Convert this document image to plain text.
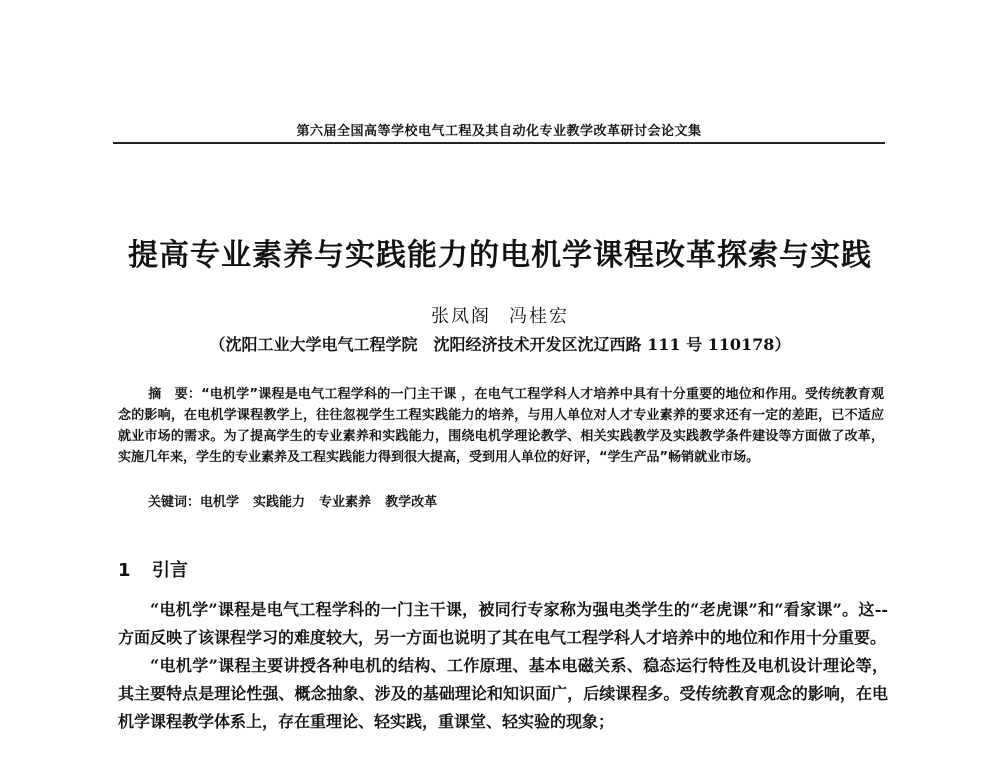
第六届全国高等学校电气工程及其自动化专业教学改革研讨会论文集
提高专业素养与实践能力的电机学课程改革探索与实践
张凤阁 冯桂宏
（沈阳工业大学电气工程学院　沈阳经济技术开发区沈辽西路 111 号 110178）
摘　要：“电机学”课程是电气工程学科的一门主干课 ，在电气工程学科人才培养中具有十分重要的地位和作用。受传统教育观念的影响，在电机学课程教学上，往往忽视学生工程实践能力的培养，与用人单位对人才专业素养的要求还有一定的差距，已不适应就业市场的需求。为了提高学生的专业素养和实践能力，围绕电机学理论教学、相关实践教学及实践教学条件建设等方面做了改革，实施几年来，学生的专业素养及工程实践能力得到很大提高，受到用人单位的好评，“学生产品”畅销就业市场。
关键词：电机学 实践能力 专业素养 教学改革
1 引言

“电机学”课程是电气工程学科的一门主干课，被同行专家称为强电类学生的“老虎课”和“看家课”。这--方面反映了该课程学习的难度较大，另一方面也说明了其在电气工程学科人才培养中的地位和作用十分重要。

“电机学”课程主要讲授各种电机的结构、工作原理、基本电磁关系、稳态运行特性及电机设计理论等，其主要特点是理论性强、概念抽象、涉及的基础理论和知识面广，后续课程多。受传统教育观念的影响，在电机学课程教学体系上，存在重理论、轻实践，重课堂、轻实验的现象；
